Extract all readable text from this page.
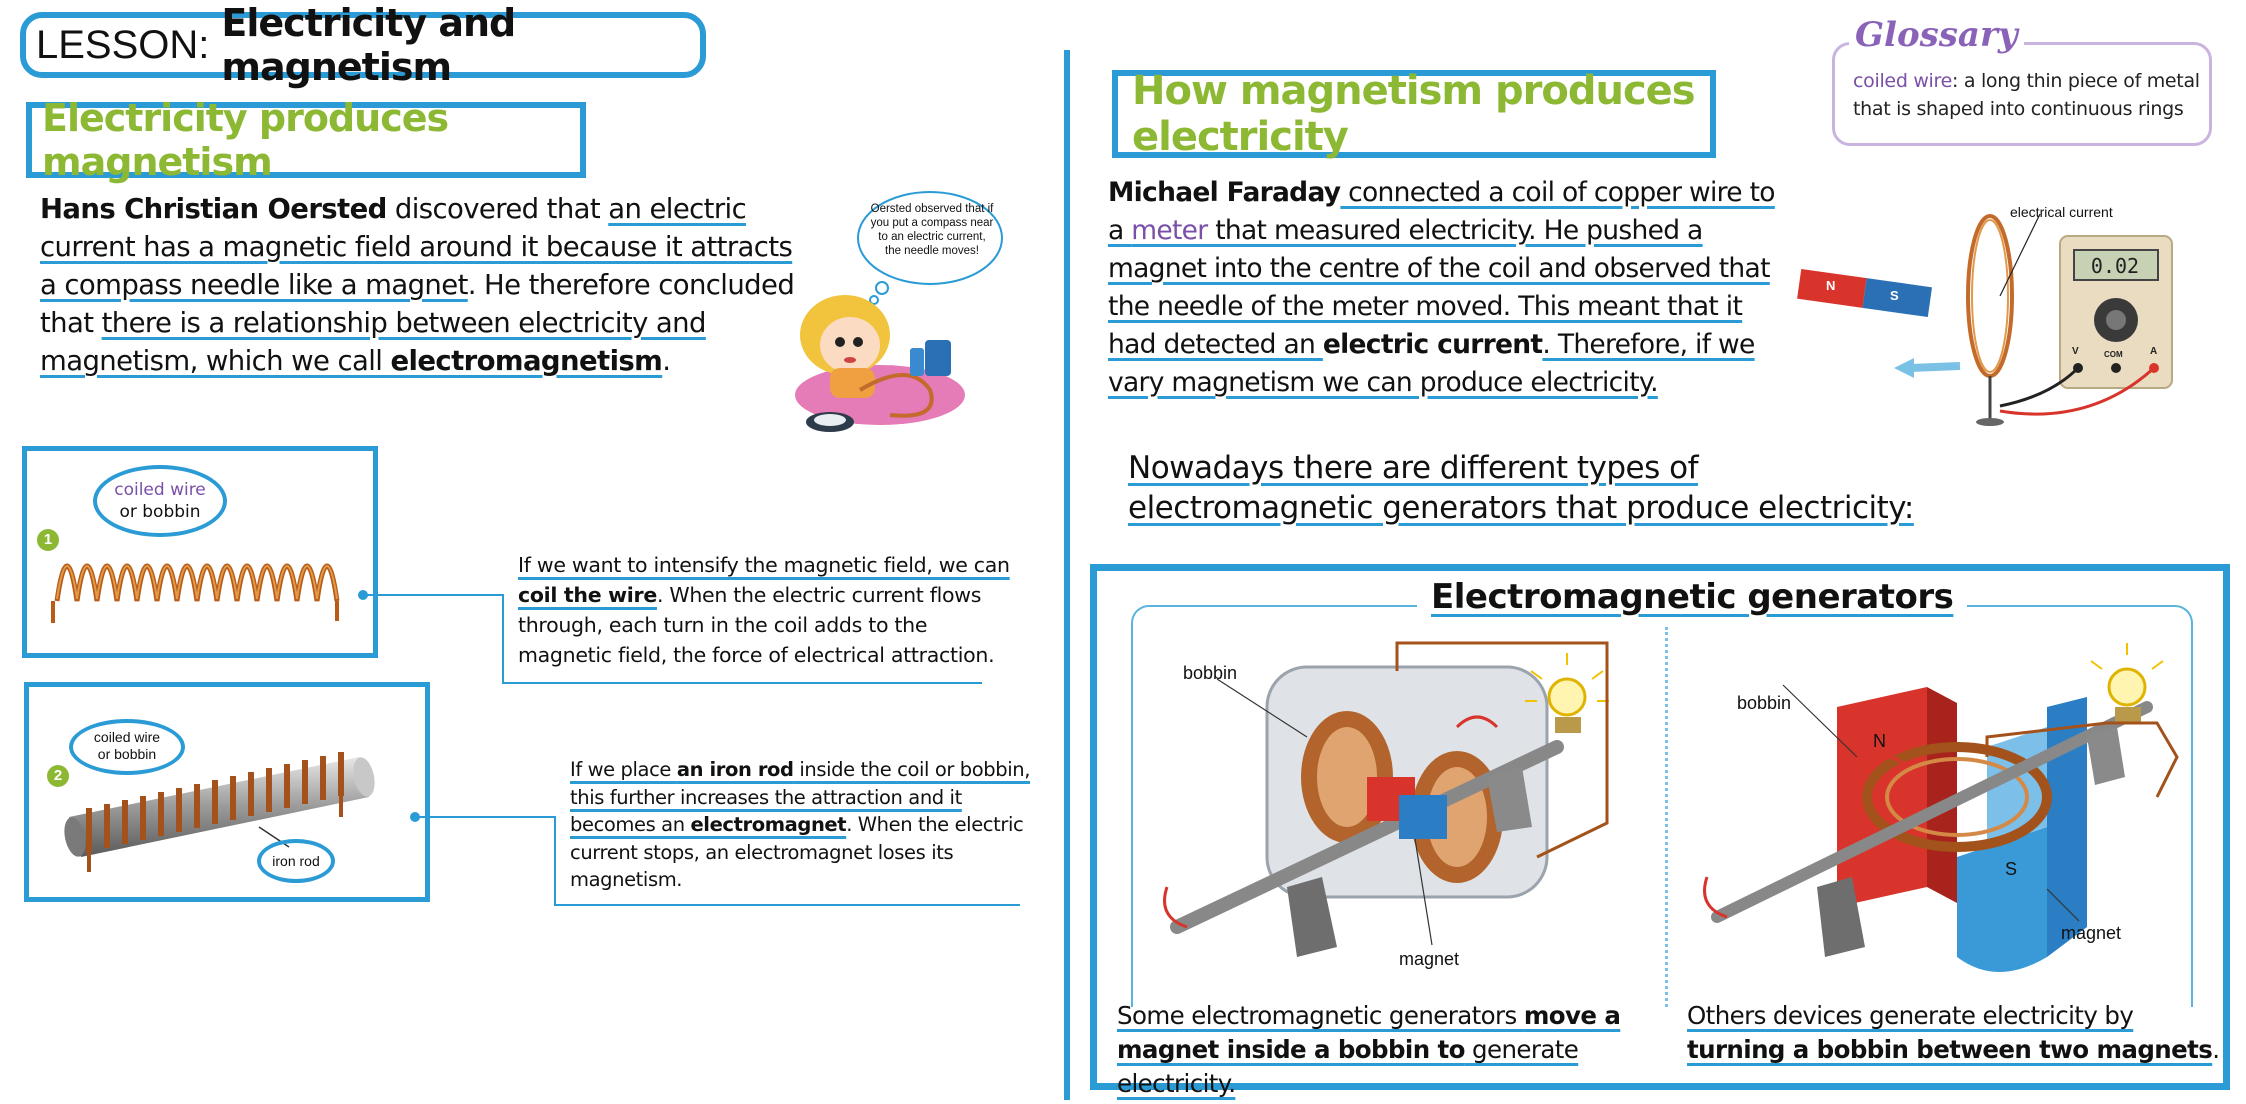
LESSON: Electricity and magnetism
Electricity produces magnetism
Hans Christian Oersted discovered that an electric current has a magnetic field around it because it attracts a compass needle like a magnet. He therefore concluded that there is a relationship between electricity and magnetism, which we call electromagnetism.
Oersted observed that if you put a compass near to an electric current, the needle moves!
1
coiled wire
or bobbin
If we want to intensify the magnetic field, we can coil the wire. When the electric current flows through, each turn in the coil adds to the magnetic field, the force of electrical attraction.
2
coiled wire
or bobbin
iron rod
If we place an iron rod inside the coil or bobbin, this further increases the attraction and it becomes an electromagnet. When the electric current stops, an electromagnet loses its magnetism.
How magnetism produces electricity
Glossary
coiled wire: a long thin piece of metal that is shaped into continuous rings
Michael Faraday connected a coil of copper wire to a meter that measured electricity. He pushed a magnet into the centre of the coil and observed that the needle of the meter moved. This meant that it had detected an electric current. Therefore, if we vary magnetism we can produce electricity.
electrical current
0.02
N
S
V	COM	A
Nowadays there are different types of electromagnetic generators that produce electricity:
Electromagnetic generators
bobbin
magnet
bobbin
N
S
magnet
Some electromagnetic generators move a magnet inside a bobbin to generate electricity.
Others devices generate electricity by turning a bobbin between two magnets.
